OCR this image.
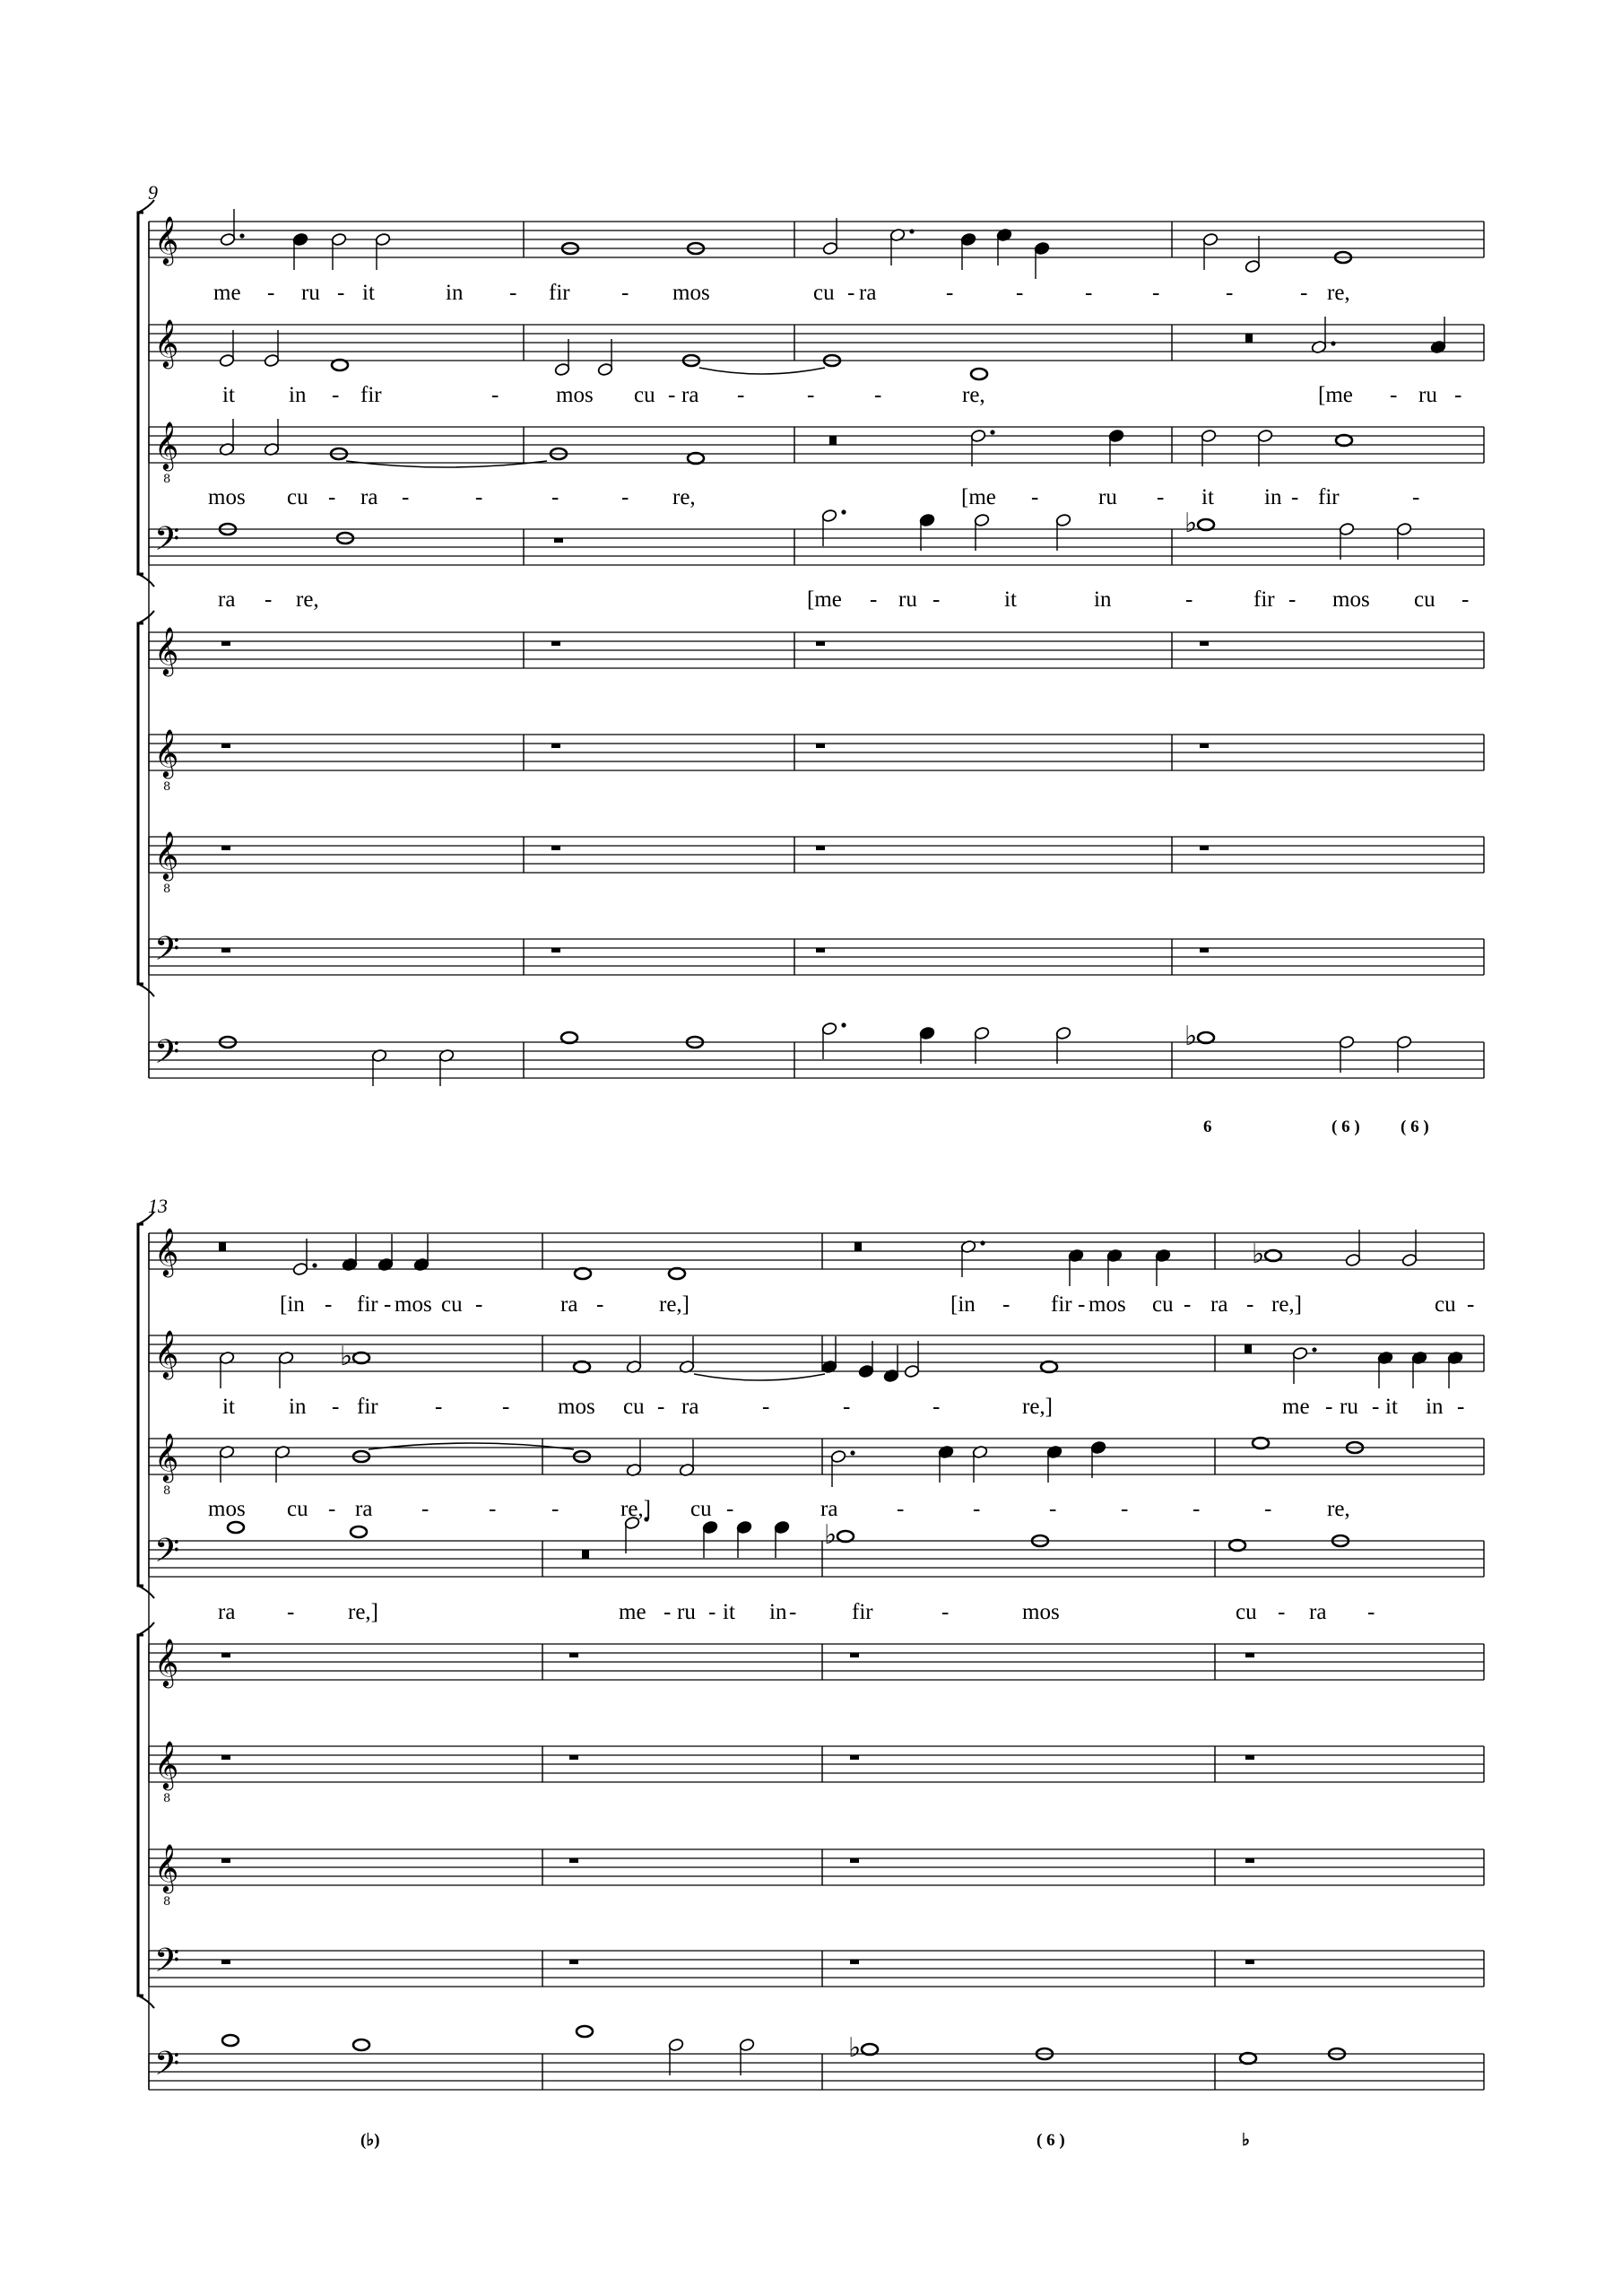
𝄞
𝄞
𝄞
8
𝄢
𝄞
𝄞
8
𝄞
8
𝄢
𝄢
𝄞
𝄞
𝄞
8
𝄢
𝄞
𝄞
8
𝄞
8
𝄢
𝄢
♭
♭
♭
♭
♭
♭
9
13
me - ru - it	in - fir - mos	cu - ra	-	-	-	-	-	- re,
it in - fir	-	mos cu - ra -	-	-	re,	[me - ru -
mos cu - ra -	-	-	- re,	[me -	ru - it in - fir	-
ra - re,	[me - ru -	it	in	-	fir - mos cu -
6	( 6 ) ( 6 )
[in - fir - mos cu -	ra - re,]	[in - fir - mos cu - ra - re,]	cu -
it in - fir	-	- mos cu - ra	-	-	-	re,]	me - ru - it in -
mos cu - ra -	- -	re,] cu -	ra	-	-	-	-	-	- re,
ra - re,]	me - ru - it in - fir	-	mos	cu - ra -
(♭)	( 6 )	♭
